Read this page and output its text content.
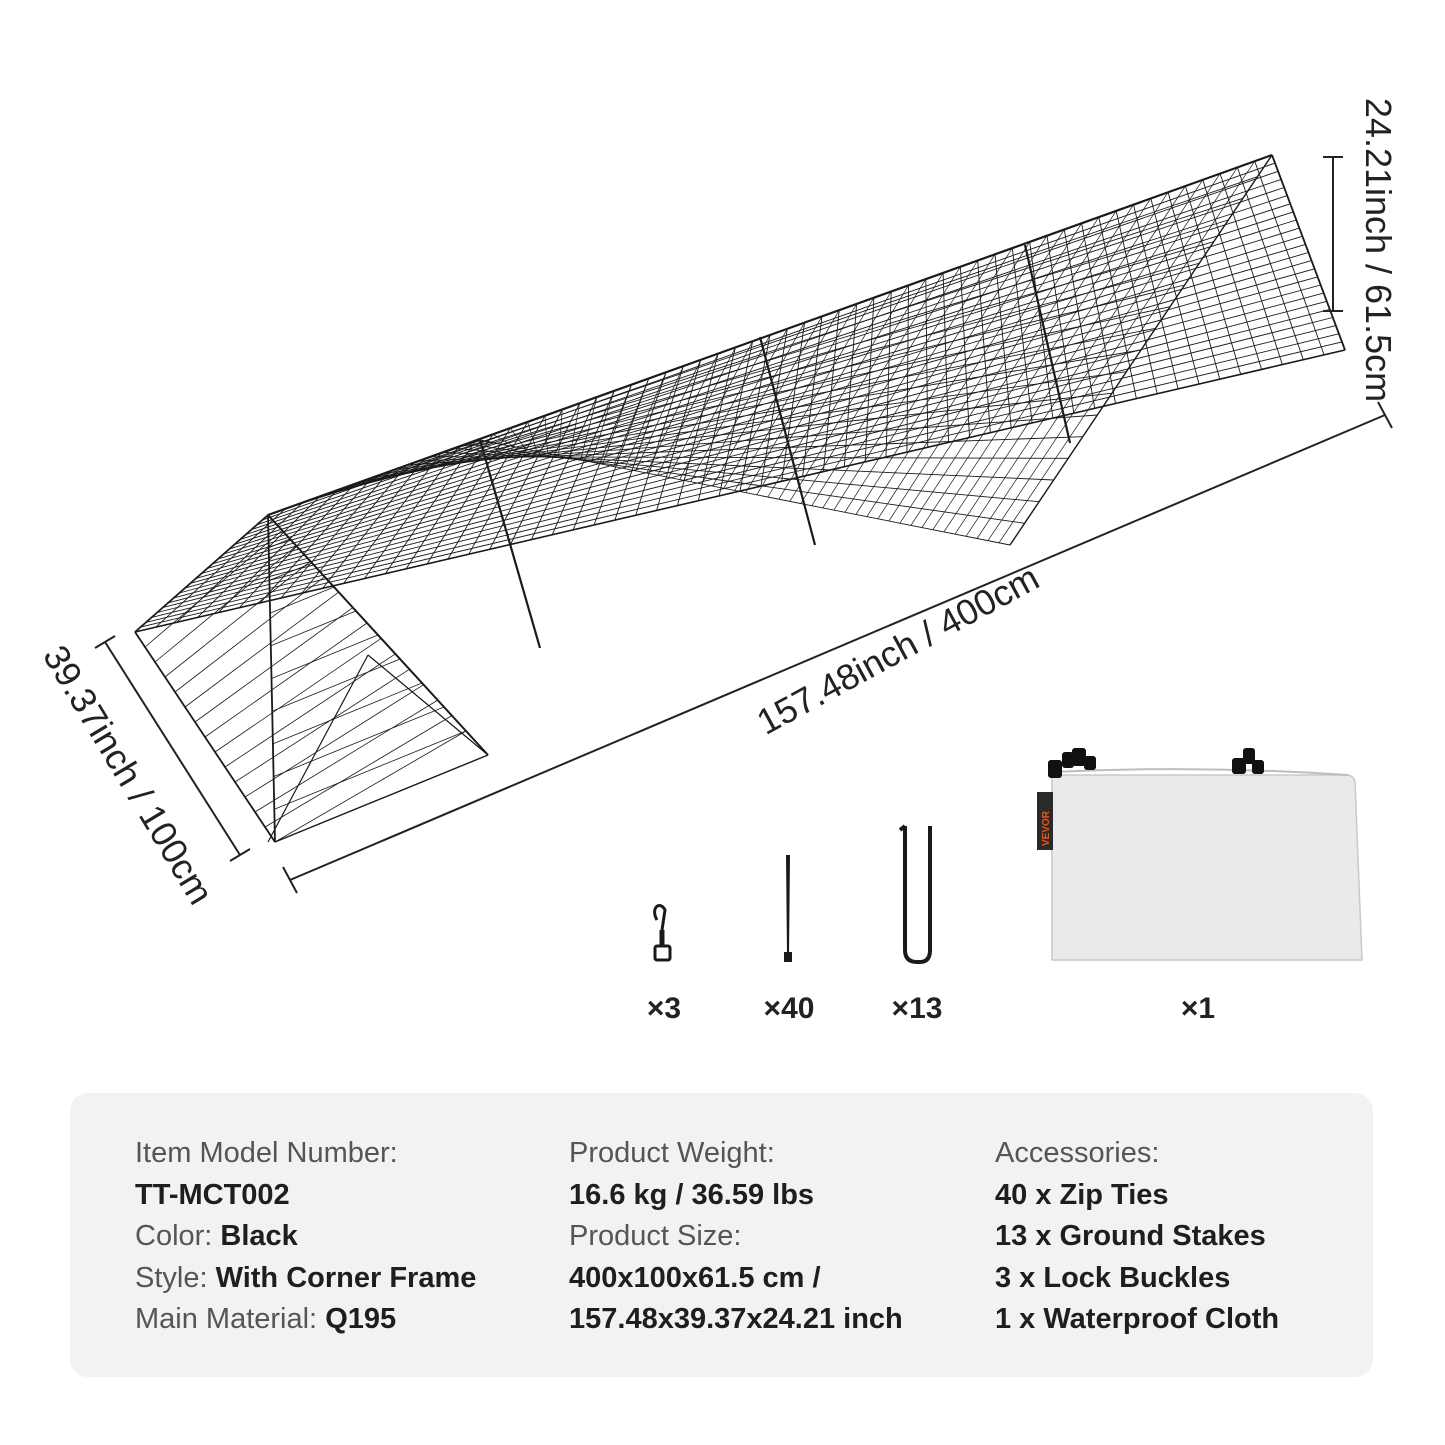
VEVOR
157.48inch / 400cm
39.37inch / 100cm
24.21inch / 61.5cm
×3	×40	×13	×1
Item Model Number:
TT-MCT002
Color: Black
Style: With Corner Frame
Main Material: Q195
Product Weight:
16.6 kg / 36.59 lbs
Product Size:
400x100x61.5 cm /
157.48x39.37x24.21 inch
Accessories:
40 x Zip Ties
13 x Ground Stakes
3 x Lock Buckles
1 x Waterproof Cloth
